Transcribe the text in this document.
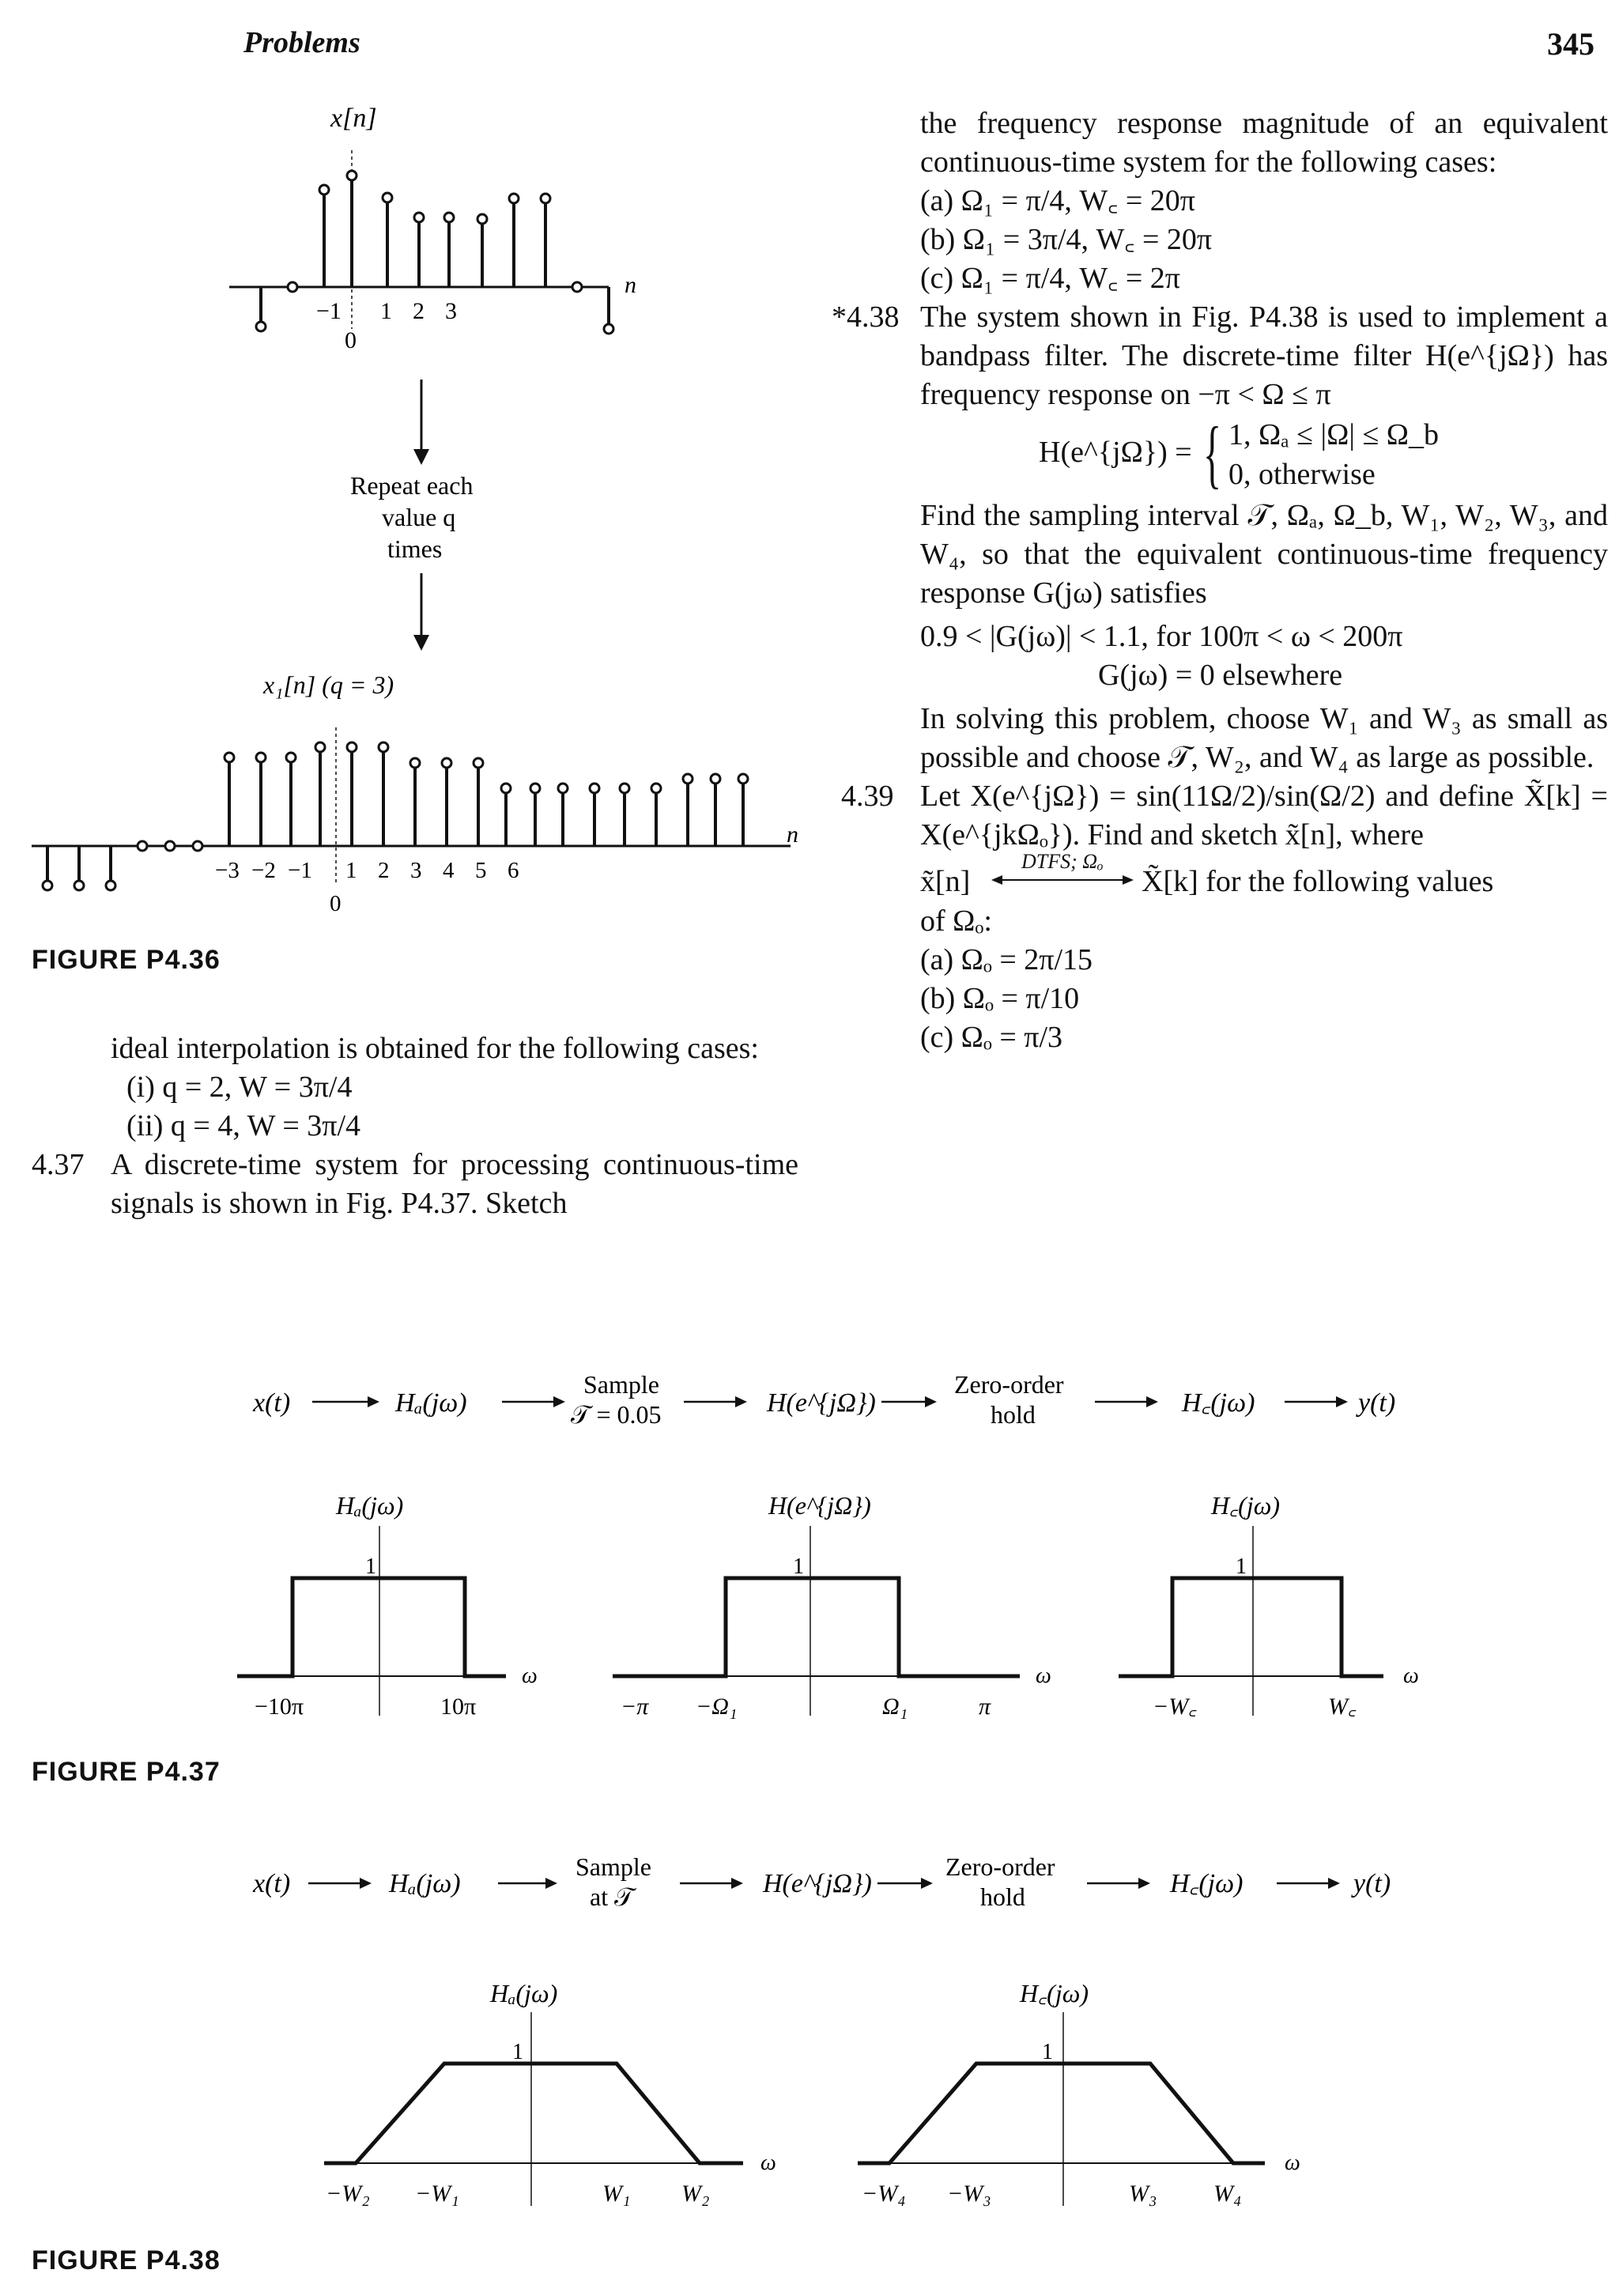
Problems	345
x[n]
n
−1
0
1 2 3
Repeat each
value q
times
x₁[n] (q = 3)
n
−3 −2 −1
0
1 2 3 4 5 6
FIGURE P4.36
ideal interpolation is obtained for the following cases:
(i) q = 2, W = 3π/4
(ii) q = 4, W = 3π/4
4.37 A discrete-time system for processing continuous-time signals is shown in Fig. P4.37. Sketch
the frequency response magnitude of an equivalent continuous-time system for the following cases:
(a) Ω₁ = π/4, W꜀ = 20π
(b) Ω₁ = 3π/4, W꜀ = 20π
(c) Ω₁ = π/4, W꜀ = 2π
*4.38 The system shown in Fig. P4.38 is used to implement a bandpass filter. The discrete-time filter H(e^{jΩ}) has frequency response on −π < Ω ≤ π
H(e^{jΩ}) = { 1, Ωₐ ≤ |Ω| ≤ Ω_b
0, otherwise
Find the sampling interval 𝒯, Ωₐ, Ω_b, W₁, W₂, W₃, and W₄, so that the equivalent continuous-time frequency response G(jω) satisfies
0.9 < |G(jω)| < 1.1, for 100π < ω < 200π
G(jω) = 0 elsewhere
In solving this problem, choose W₁ and W₃ as small as possible and choose 𝒯, W₂, and W₄ as large as possible.
4.39 Let X(e^{jΩ}) = sin(11Ω/2)/sin(Ω/2) and define X̃[k] = X(e^{jkΩₒ}). Find and sketch x̃[n], where
x̃[n]
DTFS; Ωₒ
X̃[k] for the following values
of Ωₒ:
(a) Ωₒ = 2π/15
(b) Ωₒ = π/10
(c) Ωₒ = π/3
x(t)	Hₐ(jω)
Sample
𝒯 = 0.05	H(e^{jΩ})
Zero-order
hold	H꜀(jω)	y(t)
Hₐ(jω)
1
−10π	10π
ω
H(e^{jΩ})
1
−π −Ω₁	Ω₁	π
ω
H꜀(jω)
1
−W꜀	W꜀
ω
FIGURE P4.37
x(t)	Hₐ(jω)
Sample
at 𝒯	H(e^{jΩ})
Zero-order
hold	H꜀(jω)	y(t)
Hₐ(jω)
1
−W₂ −W₁	W₁ W₂
ω
H꜀(jω)
1
−W₄ −W₃	W₃ W₄
ω
FIGURE P4.38
